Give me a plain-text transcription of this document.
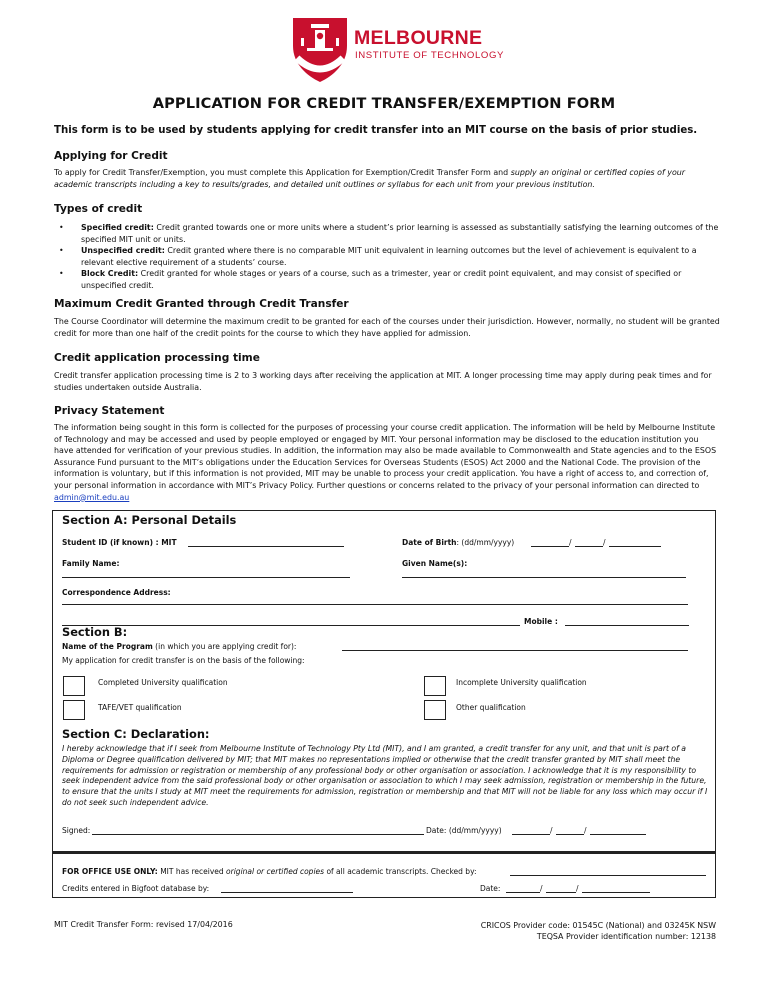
MELBOURNE
INSTITUTE OF TECHNOLOGY
APPLICATION FOR CREDIT TRANSFER/EXEMPTION FORM
This form is to be used by students applying for credit transfer into an MIT course on the basis of prior studies.
Applying for Credit
To apply for Credit Transfer/Exemption, you must complete this Application for Exemption/Credit Transfer Form and supply an original or certified copies of your academic transcripts including a key to results/grades, and detailed unit outlines or syllabus for each unit from your previous institution.
Types of credit
• Specified credit: Credit granted towards one or more units where a student’s prior learning is assessed as substantially satisfying the learning outcomes of the specified MIT unit or units.
• Unspecified credit: Credit granted where there is no comparable MIT unit equivalent in learning outcomes but the level of achievement is equivalent to a relevant elective requirement of a students’ course.
• Block Credit: Credit granted for whole stages or years of a course, such as a trimester, year or credit point equivalent, and may consist of specified or unspecified credit.
Maximum Credit Granted through Credit Transfer
The Course Coordinator will determine the maximum credit to be granted for each of the courses under their jurisdiction. However, normally, no student will be granted credit for more than one half of the credit points for the course to which they have applied for admission.
Credit application processing time
Credit transfer application processing time is 2 to 3 working days after receiving the application at MIT. A longer processing time may apply during peak times and for studies undertaken outside Australia.
Privacy Statement
The information being sought in this form is collected for the purposes of processing your course credit application. The information will be held by Melbourne Institute of Technology and may be accessed and used by people employed or engaged by MIT. Your personal information may be disclosed to the education institution you have attended for verification of your previous studies. In addition, the information may also be made available to Commonwealth and State agencies and to the ESOS Assurance Fund pursuant to the MIT’s obligations under the Education Services for Overseas Students (ESOS) Act 2000 and the National Code. The provision of the information is voluntary, but if this information is not provided, MIT may be unable to process your credit application. You have a right of access to, and correction of, your personal information in accordance with MIT’s Privacy Policy. Further questions or concerns related to the privacy of your personal information can directed to admin@mit.edu.au
Section A: Personal Details
Student ID (if known) : MIT	Date of Birth: (dd/mm/yyyy)	/	/
Family Name:	Given Name(s):
Correspondence Address:
Mobile :
Section B:
Name of the Program (in which you are applying credit for):
My application for credit transfer is on the basis of the following:
Completed University qualification	Incomplete University qualification
TAFE/VET qualification	Other qualification
Section C: Declaration:
I hereby acknowledge that if I seek from Melbourne Institute of Technology Pty Ltd (MIT), and I am granted, a credit transfer for any unit, and that unit is part of a Diploma or Degree qualification delivered by MIT; that MIT makes no representations implied or otherwise that the credit transfer granted by MIT shall meet the requirements for admission or registration or membership of any professional body or other organisation or association. I acknowledge that it is my responsibility to seek independent advice from the said professional body or other organisation or association to which I may seek admission, registration or membership in the future, to ensure that the units I study at MIT meet the requirements for admission, registration or membership and that MIT will not be liable for any loss which may occur if I do not seek such independent advice.
Signed:	Date: (dd/mm/yyyy)	/	/
FOR OFFICE USE ONLY: MIT has received original or certified copies of all academic transcripts. Checked by:
Credits entered in Bigfoot database by:	Date:	/	/
MIT Credit Transfer Form: revised 17/04/2016	CRICOS Provider code: 01545C (National) and 03245K NSW
TEQSA Provider identification number: 12138
